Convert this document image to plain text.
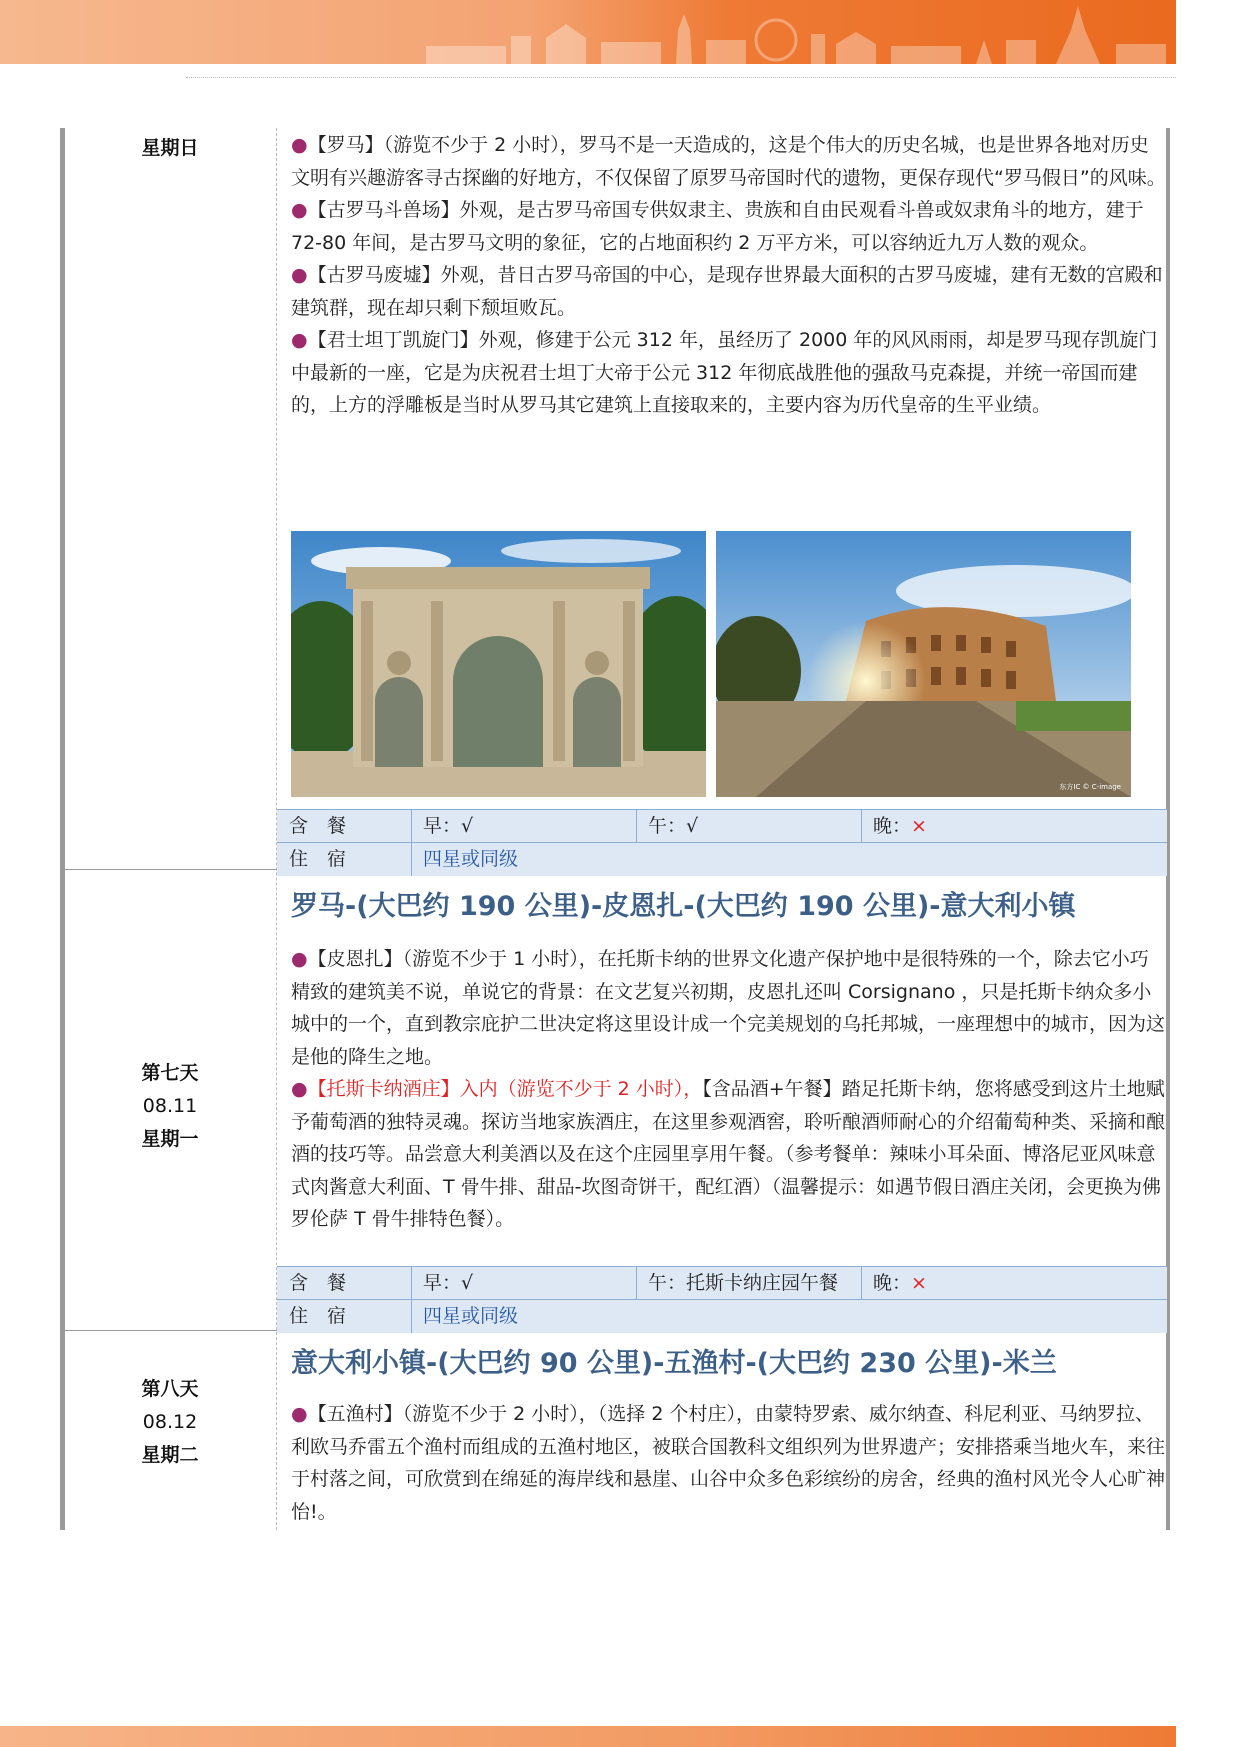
星期日	●【罗马】（游览不少于 2 小时），罗马不是一天造成的，这是个伟大的历史名城，也是世界各地对历史文明有兴趣游客寻古探幽的好地方，不仅保留了原罗马帝国时代的遗物，更保存现代“罗马假日”的风味。

●【古罗马斗兽场】外观，是古罗马帝国专供奴隶主、贵族和自由民观看斗兽或奴隶角斗的地方，建于 72-80 年间，是古罗马文明的象征，它的占地面积约 2 万平方米，可以容纳近九万人数的观众。

●【古罗马废墟】外观，昔日古罗马帝国的中心，是现存世界最大面积的古罗马废墟，建有无数的宫殿和建筑群，现在却只剩下颓垣败瓦。

●【君士坦丁凯旋门】外观，修建于公元 312 年，虽经历了 2000 年的风风雨雨，却是罗马现存凯旋门中最新的一座，它是为庆祝君士坦丁大帝于公元 312 年彻底战胜他的强敌马克森提，并统一帝国而建的，上方的浮雕板是当时从罗马其它建筑上直接取来的，主要内容为历代皇帝的生平业绩。

东方IC © C-image
含　餐	早：√	午：√	晚：×
住　宿	四星或同级
第七天
08.11
星期一
罗马-(大巴约 190 公里)-皮恩扎-(大巴约 190 公里)-意大利小镇

●【皮恩扎】（游览不少于 1 小时），在托斯卡纳的世界文化遗产保护地中是很特殊的一个，除去它小巧精致的建筑美不说，单说它的背景：在文艺复兴初期，皮恩扎还叫 Corsignano ，只是托斯卡纳众多小城中的一个，直到教宗庇护二世决定将这里设计成一个完美规划的乌托邦城，一座理想中的城市，因为这是他的降生之地。

●【托斯卡纳酒庄】入内（游览不少于 2 小时），【含品酒+午餐】踏足托斯卡纳，您将感受到这片土地赋予葡萄酒的独特灵魂。探访当地家族酒庄，在这里参观酒窖，聆听酿酒师耐心的介绍葡萄种类、采摘和酿酒的技巧等。品尝意大利美酒以及在这个庄园里享用午餐。（参考餐单：辣味小耳朵面、博洛尼亚风味意式肉酱意大利面、T 骨牛排、甜品-坎图奇饼干，配红酒）（温馨提示：如遇节假日酒庄关闭，会更换为佛罗伦萨 T 骨牛排特色餐）。

含　餐	早：√	午：托斯卡纳庄园午餐	晚：×
住　宿	四星或同级
第八天
08.12
星期二
意大利小镇-(大巴约 90 公里)-五渔村-(大巴约 230 公里)-米兰

●【五渔村】（游览不少于 2 小时），（选择 2 个村庄），由蒙特罗索、威尔纳查、科尼利亚、马纳罗拉、利欧马乔雷五个渔村而组成的五渔村地区，被联合国教科文组织列为世界遗产；安排搭乘当地火车，来往于村落之间，可欣赏到在绵延的海岸线和悬崖、山谷中众多色彩缤纷的房舍，经典的渔村风光令人心旷神怡!。
